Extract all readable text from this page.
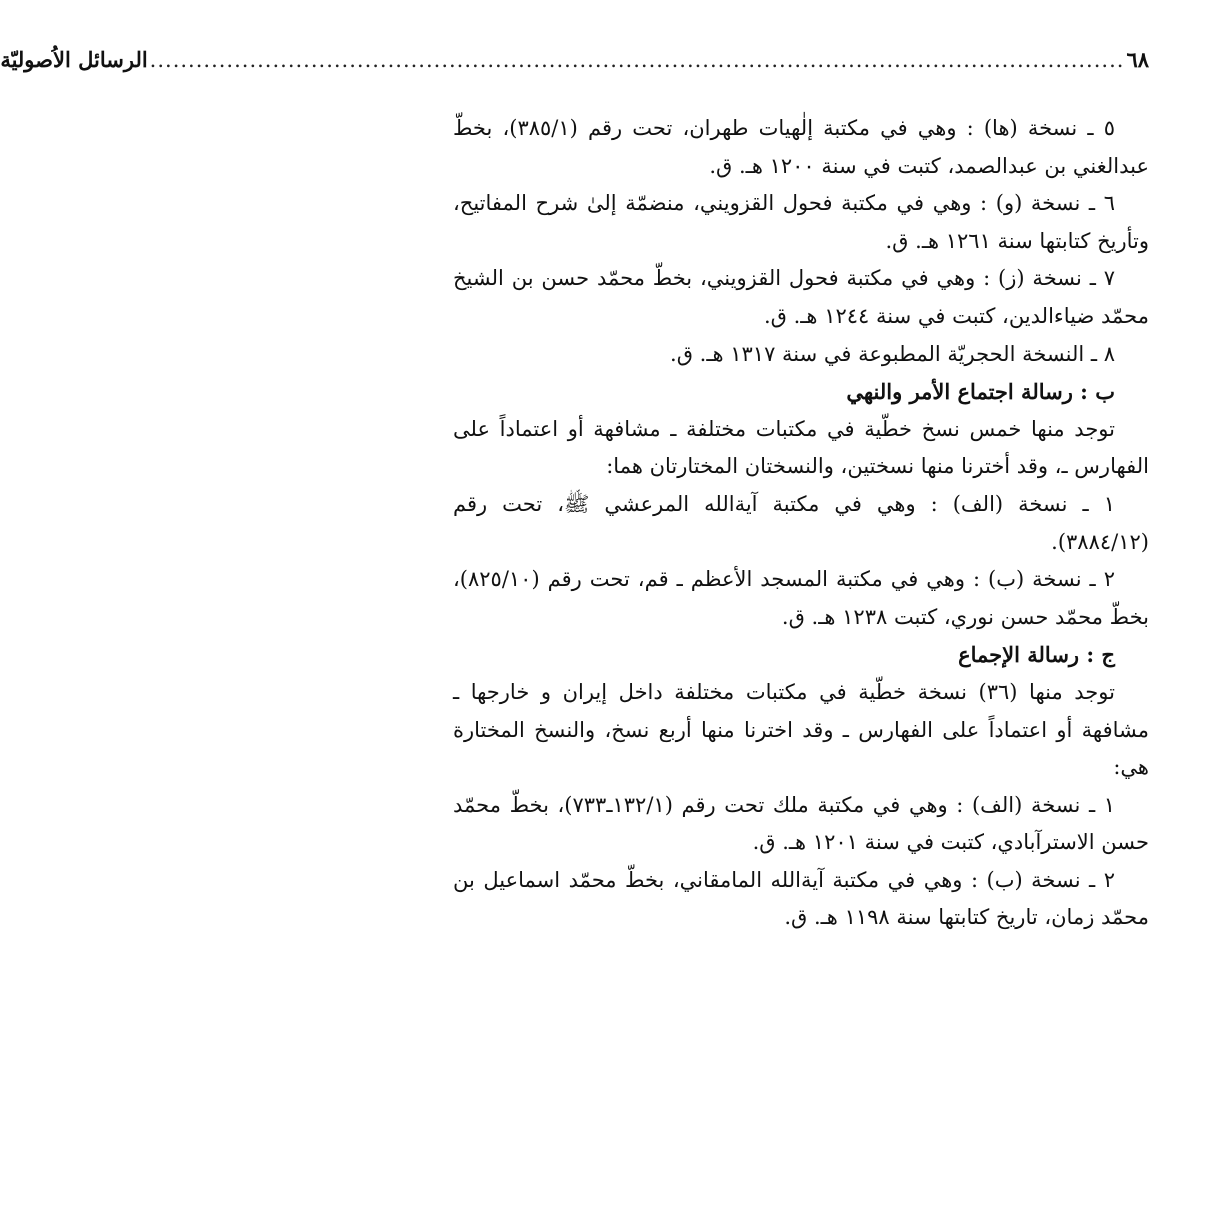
٦٨
...............................................................................................................................
الرسائل الاُصوليّة

٥ ـ نسخة (ها) : وهي في مكتبة إلٰهيات طهران، تحت رقم (٣٨٥/١)، بخطّ عبدالغني بن عبدالصمد، كتبت في سنة ١٢٠٠ هـ. ق.

٦ ـ نسخة (و) : وهي في مكتبة فحول القزويني، منضمّة إلىٰ شرح المفاتيح، وتأريخ كتابتها سنة ١٢٦١ هـ. ق.

٧ ـ نسخة (ز) : وهي في مكتبة فحول القزويني، بخطّ محمّد حسن بن الشيخ محمّد ضياءالدين، كتبت في سنة ١٢٤٤ هـ. ق.

٨ ـ النسخة الحجريّة المطبوعة في سنة ١٣١٧ هـ. ق.

ب : رسالة اجتماع الأمر والنهي

توجد منها خمس نسخ خطّية في مكتبات مختلفة ـ مشافهة أو اعتماداً على الفهارس ـ، وقد أخترنا منها نسختين، والنسختان المختارتان هما:

١ ـ نسخة (الف) : وهي في مكتبة آية‌الله المرعشي ﷺ، تحت رقم (٣٨٨٤/١٢).

٢ ـ نسخة (ب) : وهي في مكتبة المسجد الأعظم ـ قم، تحت رقم (٨٢٥/١٠)، بخطّ محمّد حسن نوري، كتبت ١٢٣٨ هـ. ق.

ج : رسالة الإجماع

توجد منها (٣٦) نسخة خطّية في مكتبات مختلفة داخل إيران و خارجها ـ مشافهة أو اعتماداً على الفهارس ـ وقد اخترنا منها أربع نسخ، والنسخ المختارة هي:

١ ـ نسخة (الف) : وهي في مكتبة ملك تحت رقم (١٣٢/١ـ٧٣٣)، بخطّ محمّد حسن الاسترآبادي، كتبت في سنة ١٢٠١ هـ. ق.

٢ ـ نسخة (ب) : وهي في مكتبة آية‌الله المامقاني، بخطّ محمّد اسماعيل بن محمّد زمان، تاريخ كتابتها سنة ١١٩٨ هـ. ق.
